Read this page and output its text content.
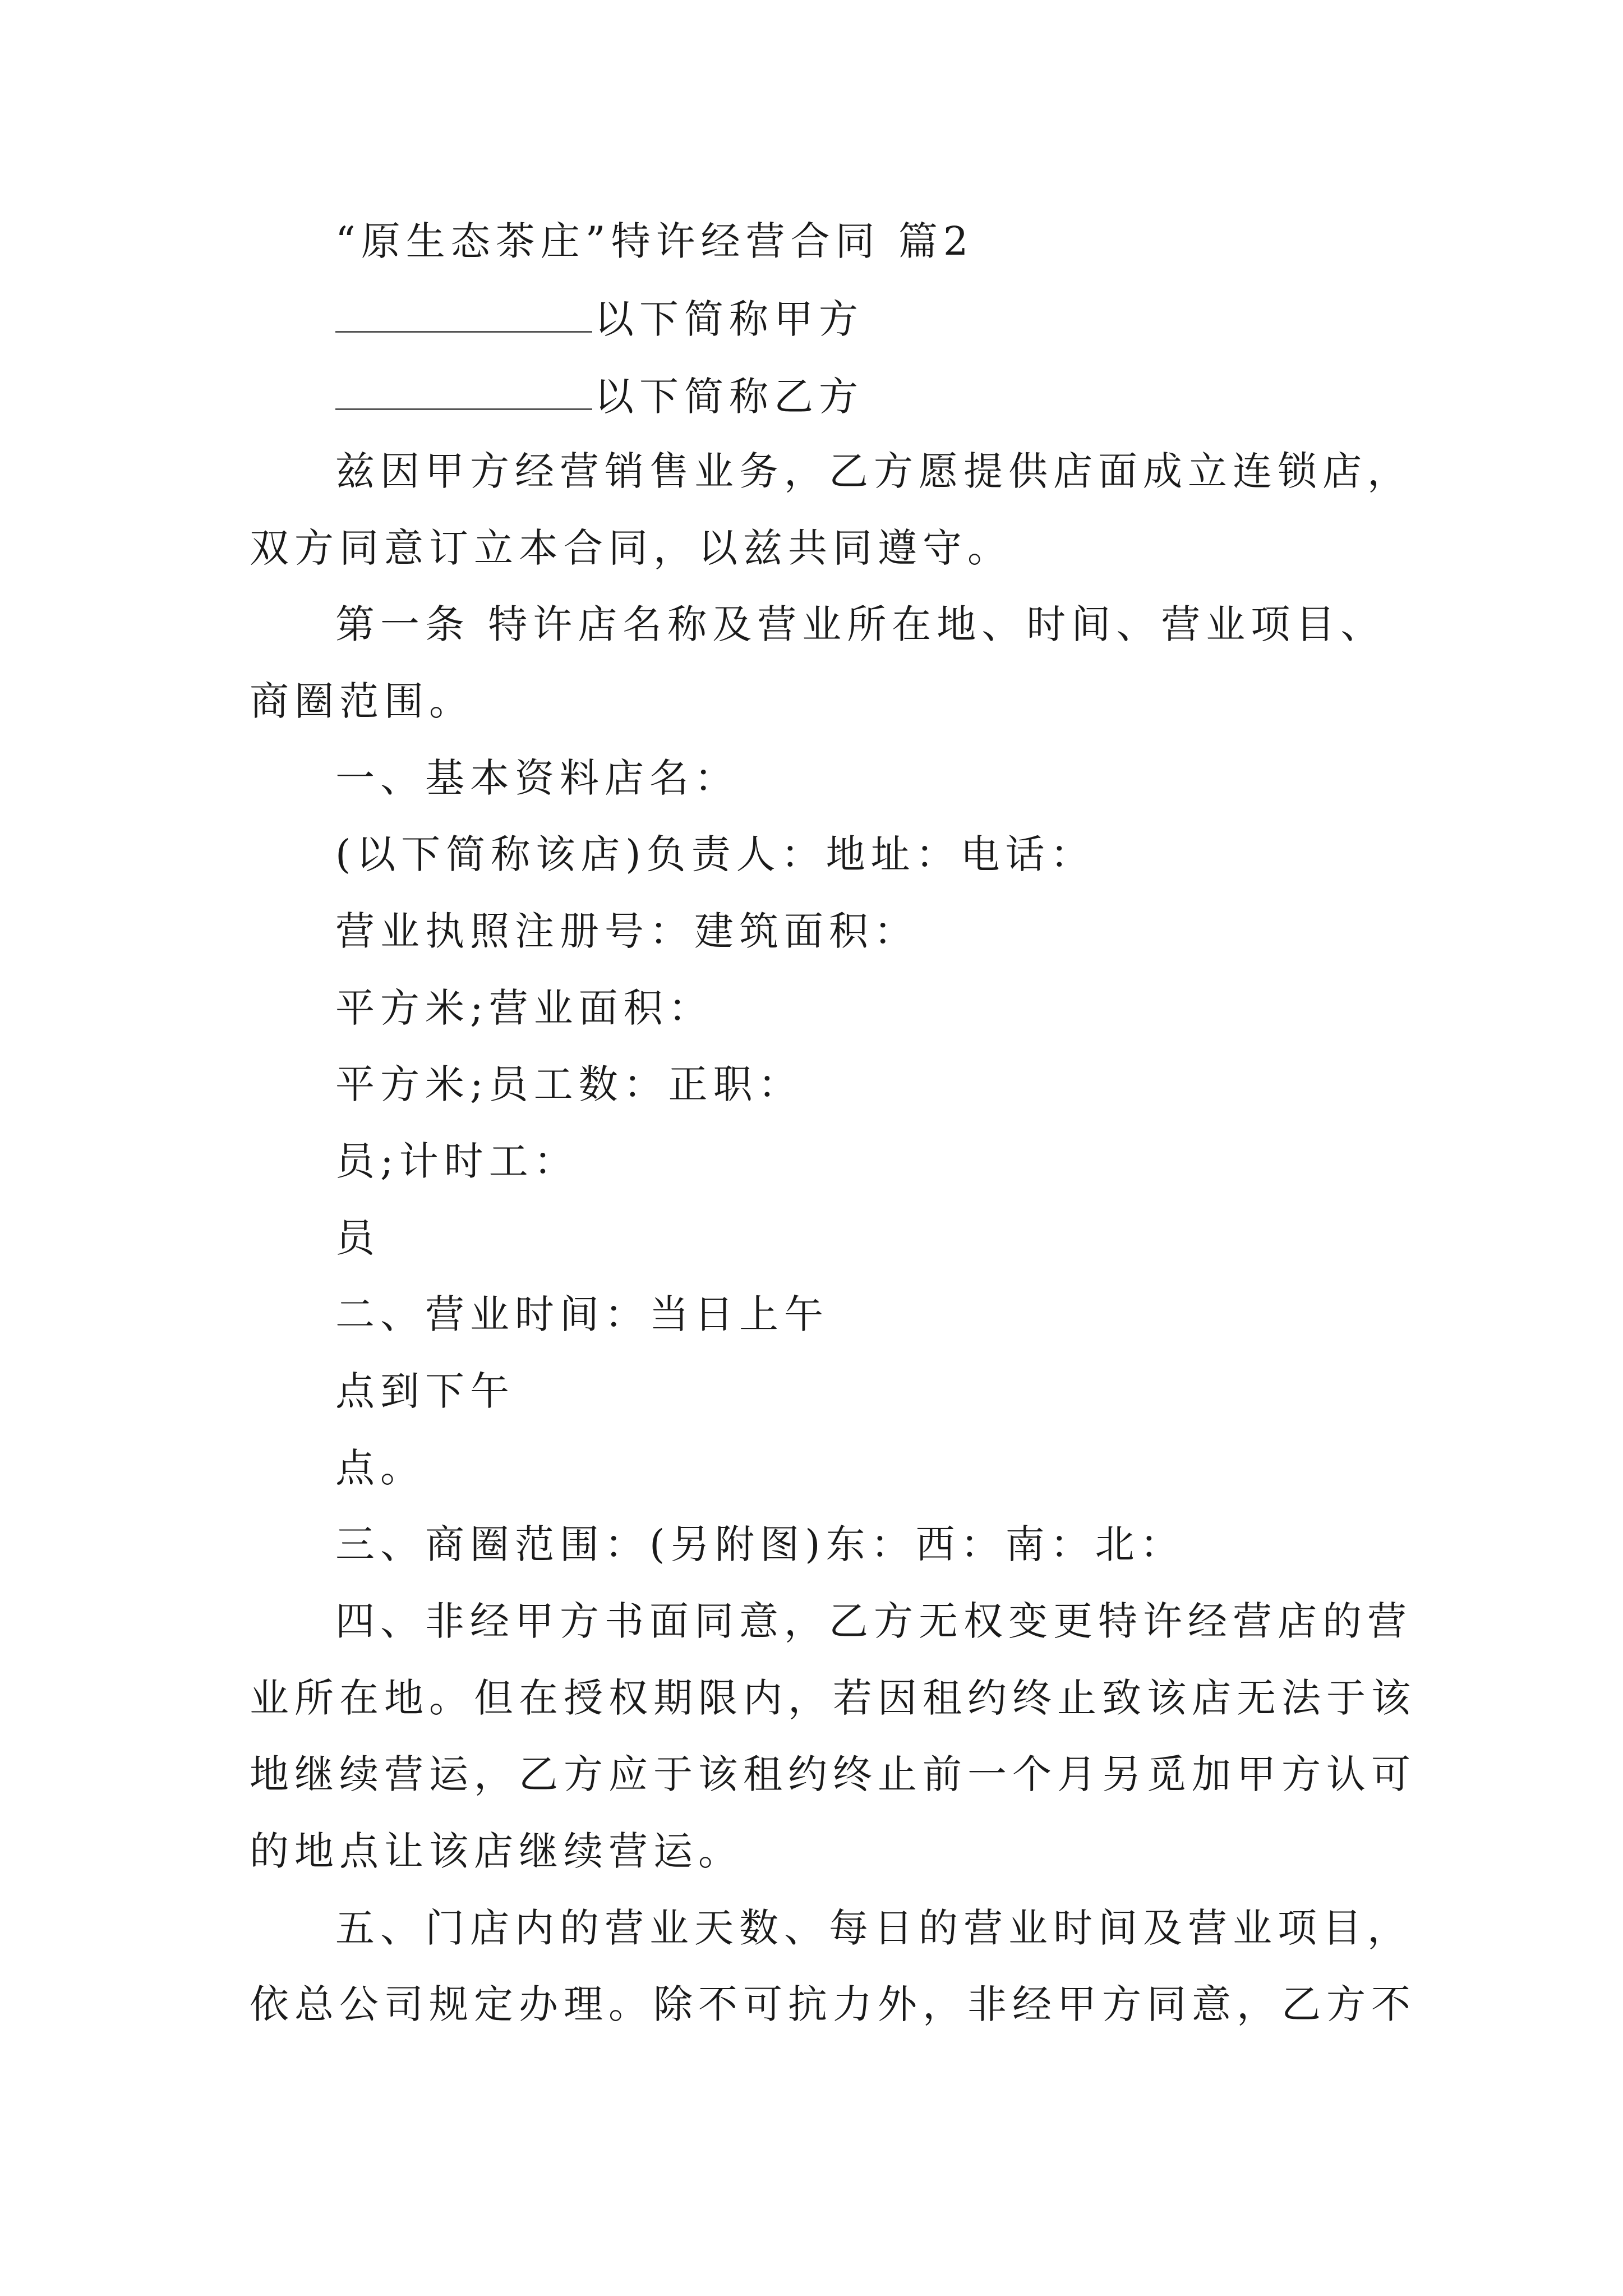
“原生态茶庄”特许经营合同 篇2
以下简称甲方
以下简称乙方
兹因甲方经营销售业务，乙方愿提供店面成立连锁店，
双方同意订立本合同，以兹共同遵守。
第一条 特许店名称及营业所在地、时间、营业项目、
商圈范围。
一、基本资料店名：
(以下简称该店)负责人：地址：电话：
营业执照注册号：建筑面积：
平方米;营业面积：
平方米;员工数：正职：
员;计时工：
员
二、营业时间：当日上午
点到下午
点。
三、商圈范围：(另附图)东：西：南：北：
四、非经甲方书面同意，乙方无权变更特许经营店的营
业所在地。但在授权期限内，若因租约终止致该店无法于该
地继续营运，乙方应于该租约终止前一个月另觅加甲方认可
的地点让该店继续营运。
五、门店内的营业天数、每日的营业时间及营业项目，
依总公司规定办理。除不可抗力外，非经甲方同意，乙方不
